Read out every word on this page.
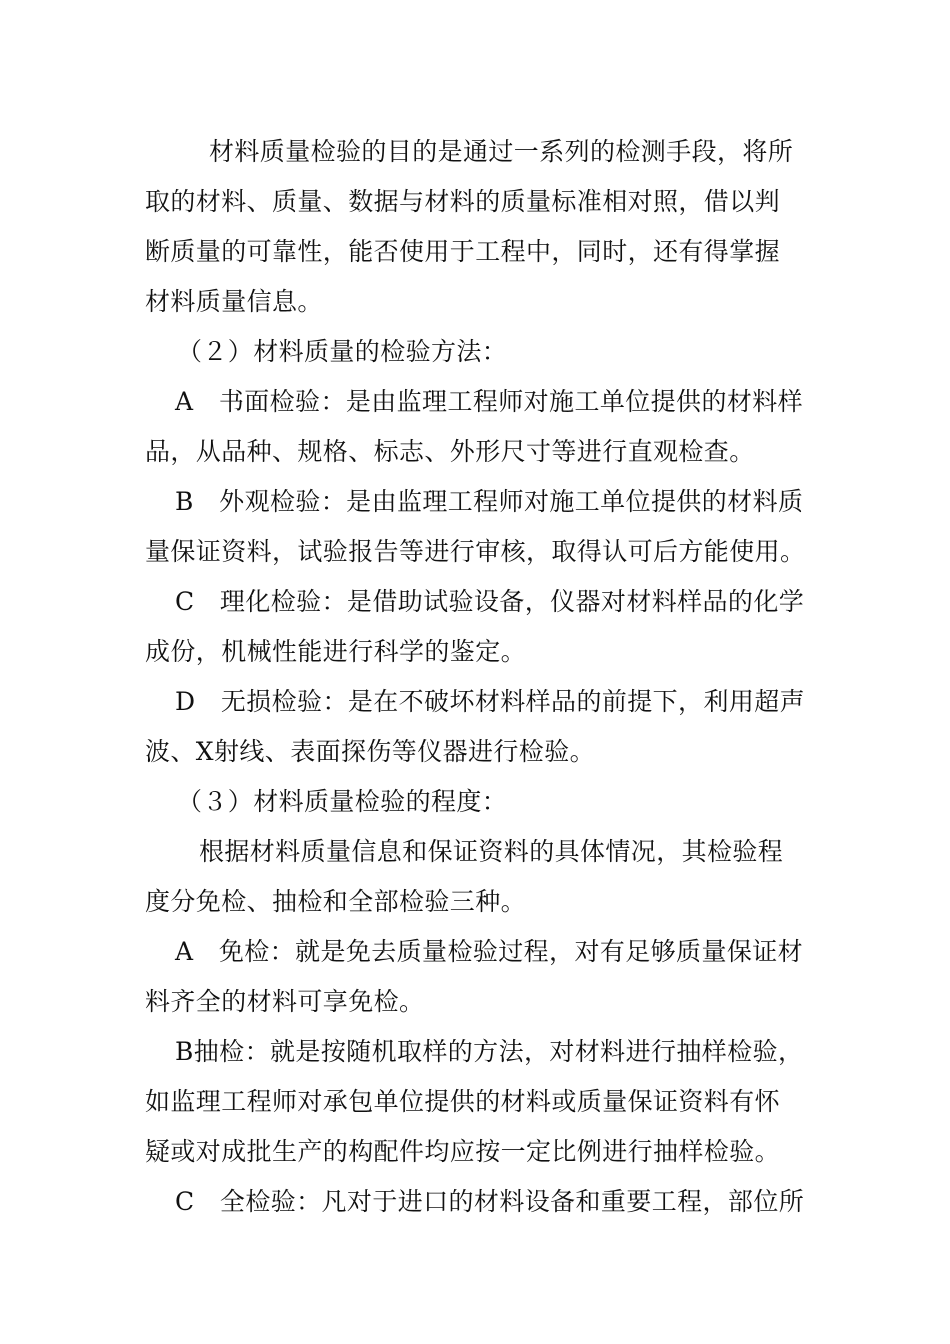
材料质量检验的目的是通过一系列的检测手段，将所
取的材料、质量、数据与材料的质量标准相对照，借以判
断质量的可靠性，能否使用于工程中，同时，还有得掌握
材料质量信息。
（２）材料质量的检验方法：
A　书面检验：是由监理工程师对施工单位提供的材料样
品，从品种、规格、标志、外形尺寸等进行直观检查。
B　外观检验：是由监理工程师对施工单位提供的材料质
量保证资料，试验报告等进行审核，取得认可后方能使用。
C　理化检验：是借助试验设备，仪器对材料样品的化学
成份，机械性能进行科学的鉴定。
D　无损检验：是在不破坏材料样品的前提下，利用超声
波、X射线、表面探伤等仪器进行检验。
（３）材料质量检验的程度：
根据材料质量信息和保证资料的具体情况，其检验程
度分免检、抽检和全部检验三种。
A　免检：就是免去质量检验过程，对有足够质量保证材
料齐全的材料可享免检。
B抽检：就是按随机取样的方法，对材料进行抽样检验，
如监理工程师对承包单位提供的材料或质量保证资料有怀
疑或对成批生产的构配件均应按一定比例进行抽样检验。
C　全检验：凡对于进口的材料设备和重要工程，部位所
